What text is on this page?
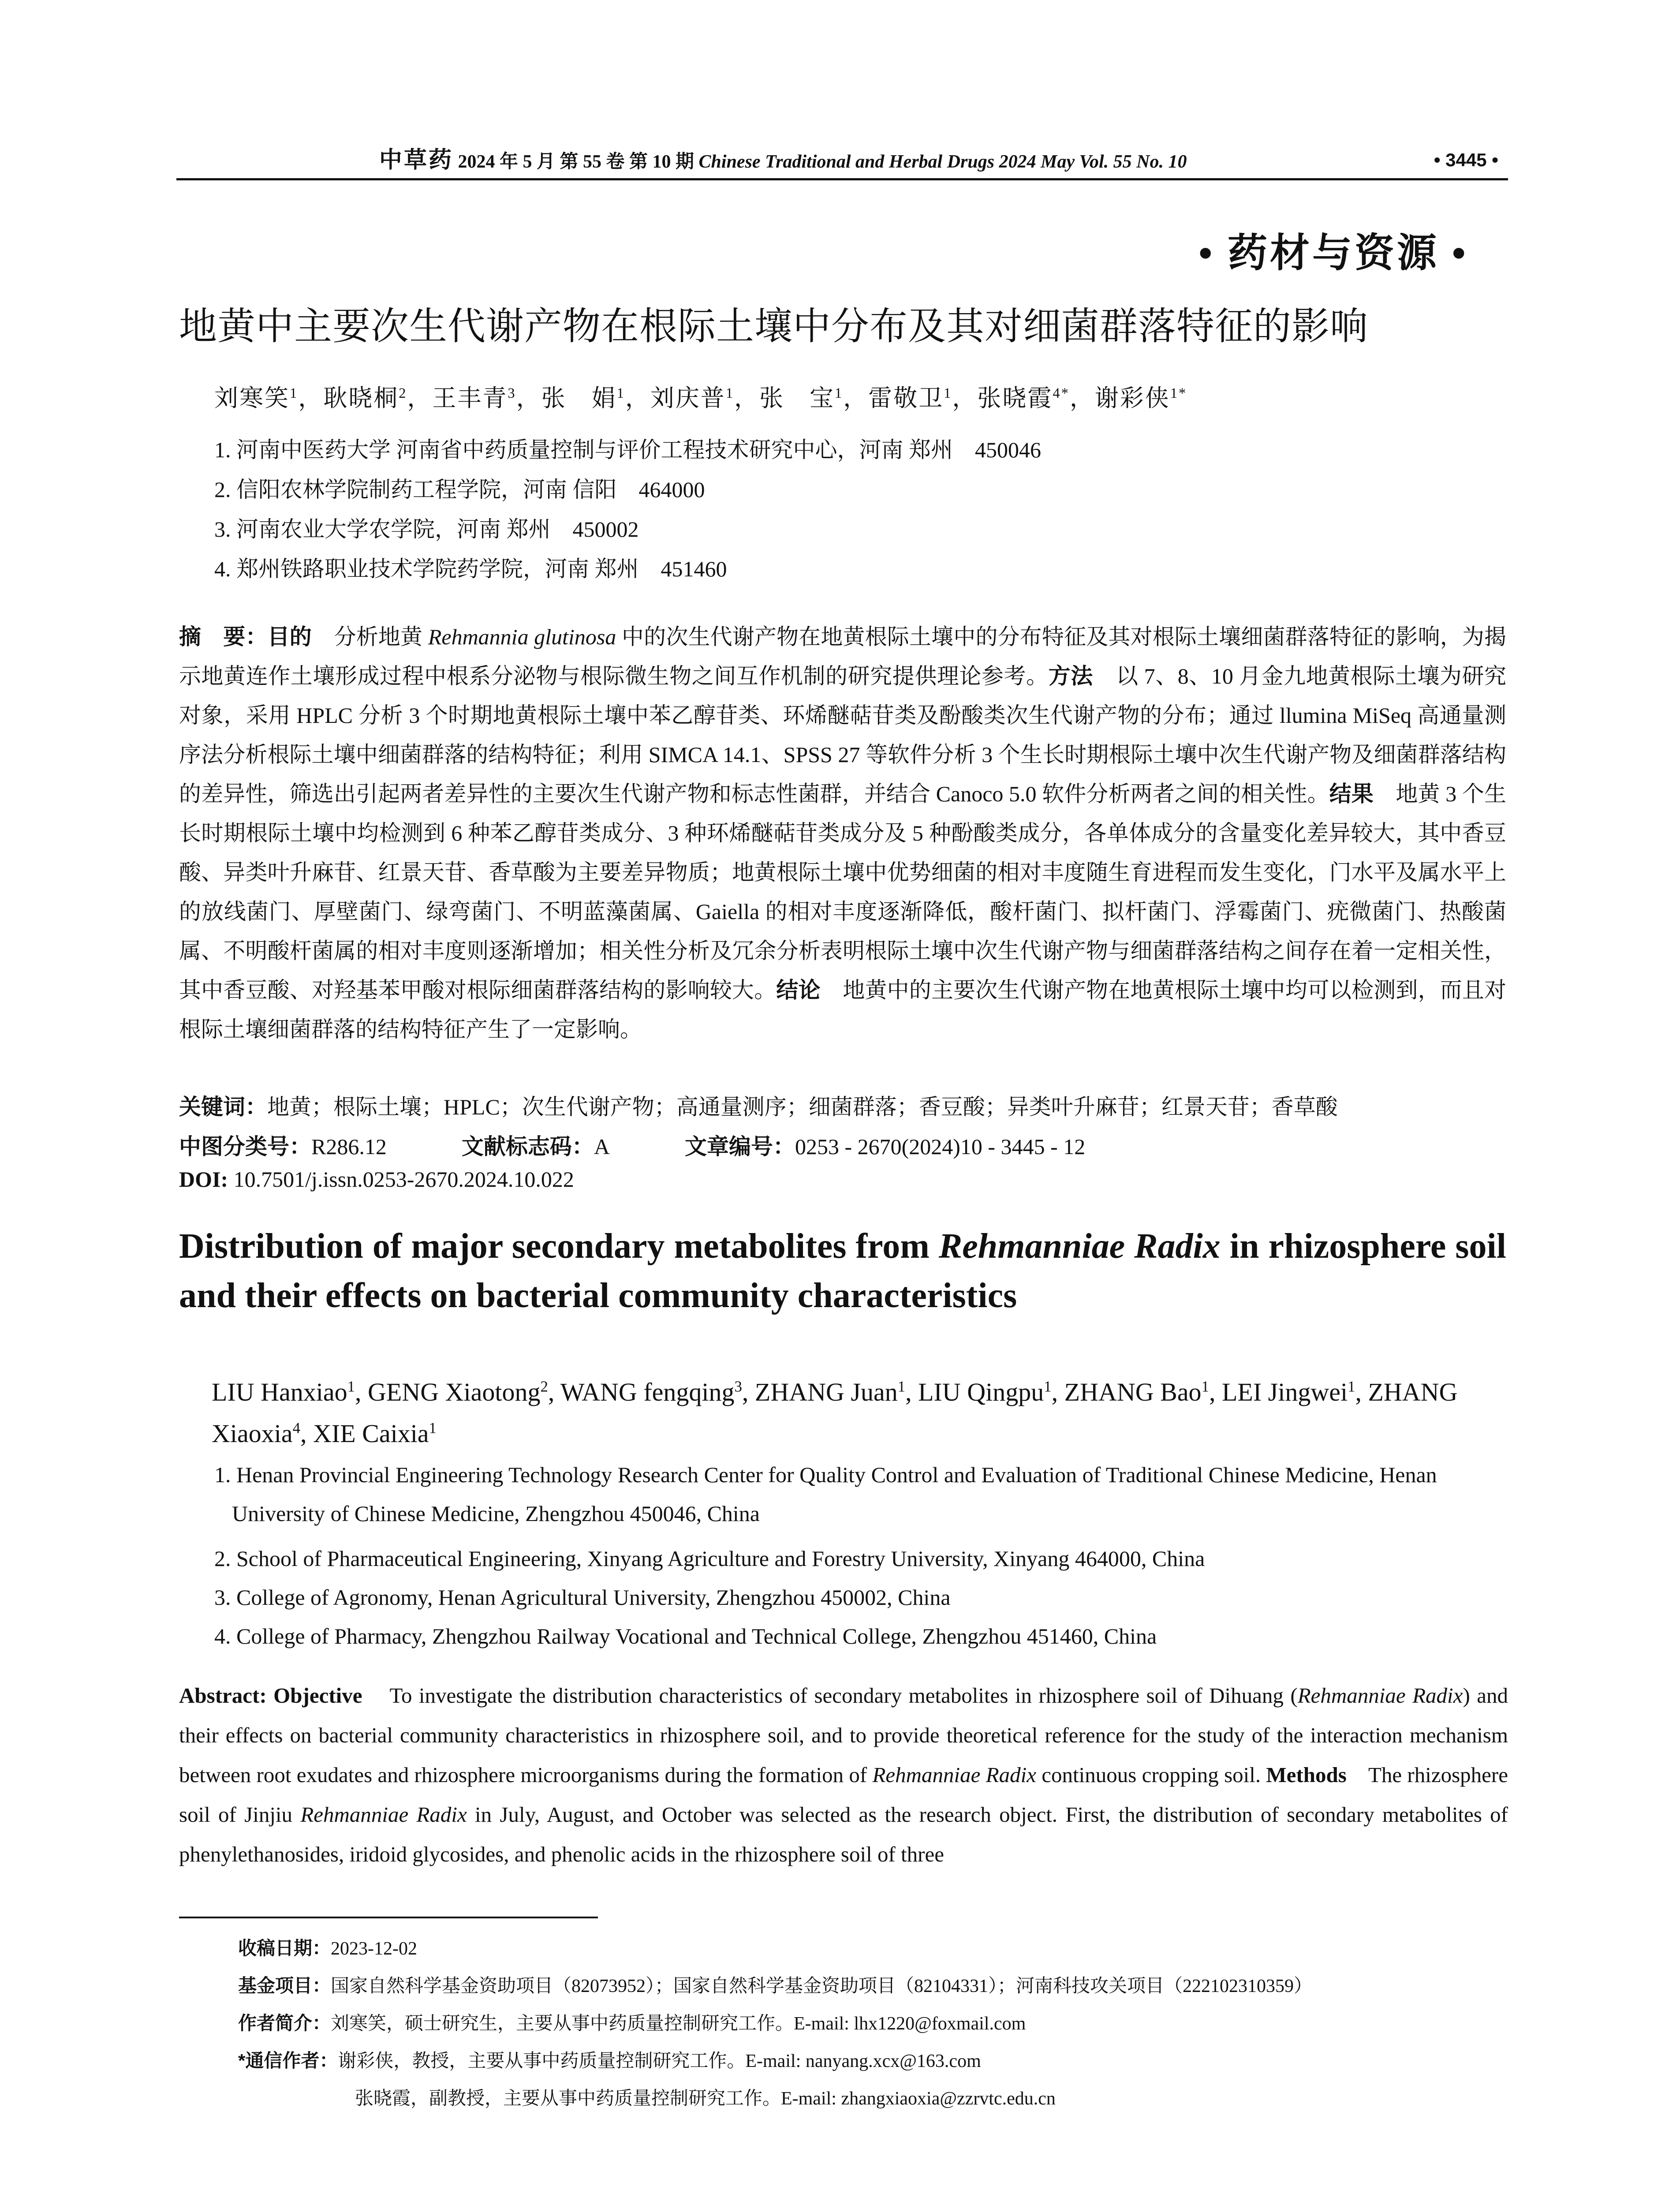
中草药 2024 年 5 月 第 55 卷 第 10 期 Chinese Traditional and Herbal Drugs 2024 May Vol. 55 No. 10	• 3445 •
• 药材与资源 •
地黄中主要次生代谢产物在根际土壤中分布及其对细菌群落特征的影响
刘寒笑$^1$，耿晓桐$^2$，王丰青$^3$，张　娟$^1$，刘庆普$^1$，张　宝$^1$，雷敬卫$^1$，张晓霞$^{4*}$，谢彩侠$^{1*}$
1. 河南中医药大学 河南省中药质量控制与评价工程技术研究中心，河南 郑州　450046
2. 信阳农林学院制药工程学院，河南 信阳　464000
3. 河南农业大学农学院，河南 郑州　450002
4. 郑州铁路职业技术学院药学院，河南 郑州　451460
摘　要：目的 分析地黄 Rehmannia glutinosa 中的次生代谢产物在地黄根际土壤中的分布特征及其对根际土壤细菌群落特征的影响，为揭示地黄连作土壤形成过程中根系分泌物与根际微生物之间互作机制的研究提供理论参考。方法 以 7、8、10 月金九地黄根际土壤为研究对象，采用 HPLC 分析 3 个时期地黄根际土壤中苯乙醇苷类、环烯醚萜苷类及酚酸类次生代谢产物的分布；通过 llumina MiSeq 高通量测序法分析根际土壤中细菌群落的结构特征；利用 SIMCA 14.1、SPSS 27 等软件分析 3 个生长时期根际土壤中次生代谢产物及细菌群落结构的差异性，筛选出引起两者差异性的主要次生代谢产物和标志性菌群，并结合 Canoco 5.0 软件分析两者之间的相关性。结果 地黄 3 个生长时期根际土壤中均检测到 6 种苯乙醇苷类成分、3 种环烯醚萜苷类成分及 5 种酚酸类成分，各单体成分的含量变化差异较大，其中香豆酸、异类叶升麻苷、红景天苷、香草酸为主要差异物质；地黄根际土壤中优势细菌的相对丰度随生育进程而发生变化，门水平及属水平上的放线菌门、厚壁菌门、绿弯菌门、不明蓝藻菌属、Gaiella 的相对丰度逐渐降低，酸杆菌门、拟杆菌门、浮霉菌门、疣微菌门、热酸菌属、不明酸杆菌属的相对丰度则逐渐增加；相关性分析及冗余分析表明根际土壤中次生代谢产物与细菌群落结构之间存在着一定相关性，其中香豆酸、对羟基苯甲酸对根际细菌群落结构的影响较大。结论 地黄中的主要次生代谢产物在地黄根际土壤中均可以检测到，而且对根际土壤细菌群落的结构特征产生了一定影响。
关键词：地黄；根际土壤；HPLC；次生代谢产物；高通量测序；细菌群落；香豆酸；异类叶升麻苷；红景天苷；香草酸
中图分类号：R286.12	文献标志码：A	文章编号：0253 - 2670(2024)10 - 3445 - 12
DOI: 10.7501/j.issn.0253-2670.2024.10.022
Distribution of major secondary metabolites from Rehmanniae Radix in rhizosphere soil and their effects on bacterial community characteristics
LIU Hanxiao$^1$, GENG Xiaotong$^2$, WANG fengqing$^3$, ZHANG Juan$^1$, LIU Qingpu$^1$, ZHANG Bao$^1$, LEI Jingwei$^1$, ZHANG Xiaoxia$^4$, XIE Caixia$^1$
1. Henan Provincial Engineering Technology Research Center for Quality Control and Evaluation of Traditional Chinese Medicine, Henan University of Chinese Medicine, Zhengzhou 450046, China
2. School of Pharmaceutical Engineering, Xinyang Agriculture and Forestry University, Xinyang 464000, China
3. College of Agronomy, Henan Agricultural University, Zhengzhou 450002, China
4. College of Pharmacy, Zhengzhou Railway Vocational and Technical College, Zhengzhou 451460, China
Abstract: Objective To investigate the distribution characteristics of secondary metabolites in rhizosphere soil of Dihuang (Rehmanniae Radix) and their effects on bacterial community characteristics in rhizosphere soil, and to provide theoretical reference for the study of the interaction mechanism between root exudates and rhizosphere microorganisms during the formation of Rehmanniae Radix continuous cropping soil. Methods The rhizosphere soil of Jinjiu Rehmanniae Radix in July, August, and October was selected as the research object. First, the distribution of secondary metabolites of phenylethanosides, iridoid glycosides, and phenolic acids in the rhizosphere soil of three
收稿日期：2023-12-02
基金项目：国家自然科学基金资助项目（82073952）；国家自然科学基金资助项目（82104331）；河南科技攻关项目（222102310359）
作者简介：刘寒笑，硕士研究生，主要从事中药质量控制研究工作。E-mail: lhx1220@foxmail.com
*通信作者：谢彩侠，教授，主要从事中药质量控制研究工作。E-mail: nanyang.xcx@163.com
张晓霞，副教授，主要从事中药质量控制研究工作。E-mail: zhangxiaoxia@zzrvtc.edu.cn
